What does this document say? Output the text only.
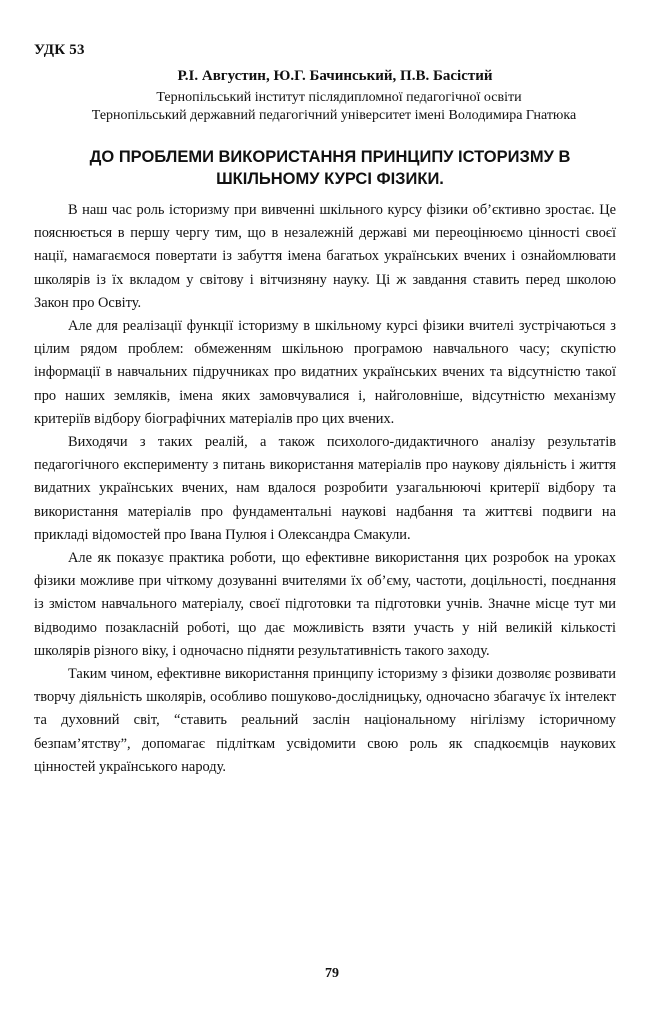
УДК 53
Р.І. Августин, Ю.Г. Бачинський, П.В. Басістий
Тернопільський інститут післядипломної педагогічної освіти
Тернопільський державний педагогічний університет імені Володимира Гнатюка
ДО ПРОБЛЕМИ ВИКОРИСТАННЯ ПРИНЦИПУ ІСТОРИЗМУ В
ШКІЛЬНОМУ КУРСІ ФІЗИКИ.

В наш час роль історизму при вивченні шкільного курсу фізики об’єктивно зростає. Це пояснюється в першу чергу тим, що в незалежній державі ми переоцінюємо цінності своєї нації, намагаємося повертати із забуття імена багатьох українських вчених і ознайомлювати школярів із їх вкладом у світову і вітчизняну науку. Ці ж завдання ставить перед школою Закон про Освіту.

Але для реалізації функції історизму в шкільному курсі фізики вчителі зустрічаються з цілим рядом проблем: обмеженням шкільною програмою навчального часу; скупістю інформації в навчальних підручниках про видатних українських вчених та відсутністю такої про наших земляків, імена яких замовчувалися і, найголовніше, відсутністю механізму критеріїв відбору біографічних матеріалів про цих вчених.

Виходячи з таких реалій, а також психолого-дидактичного аналізу результатів педагогічного експерименту з питань використання матеріалів про наукову діяльність і життя видатних українських вчених, нам вдалося розробити узагальнюючі критерії відбору та використання матеріалів про фундаментальні наукові надбання та життєві подвиги на прикладі відомостей про Івана Пулюя і Олександра Смакули.

Але як показує практика роботи, що ефективне використання цих розробок на уроках фізики можливе при чіткому дозуванні вчителями їх об’єму, частоти, доцільності, поєднання із змістом навчального матеріалу, своєї підготовки та підготовки учнів. Значне місце тут ми відводимо позакласній роботі, що дає можливість взяти участь у ній великій кількості школярів різного віку, і одночасно підняти результативність такого заходу.

Таким чином, ефективне використання принципу історизму з фізики дозволяє розвивати творчу діяльність школярів, особливо пошуково-дослідницьку, одночасно збагачує їх інтелект та духовний світ, “ставить реальний заслін національному нігілізму історичному безпам’ятству”, допомагає підліткам усвідомити свою роль як спадкоємців наукових цінностей українського народу.

79
